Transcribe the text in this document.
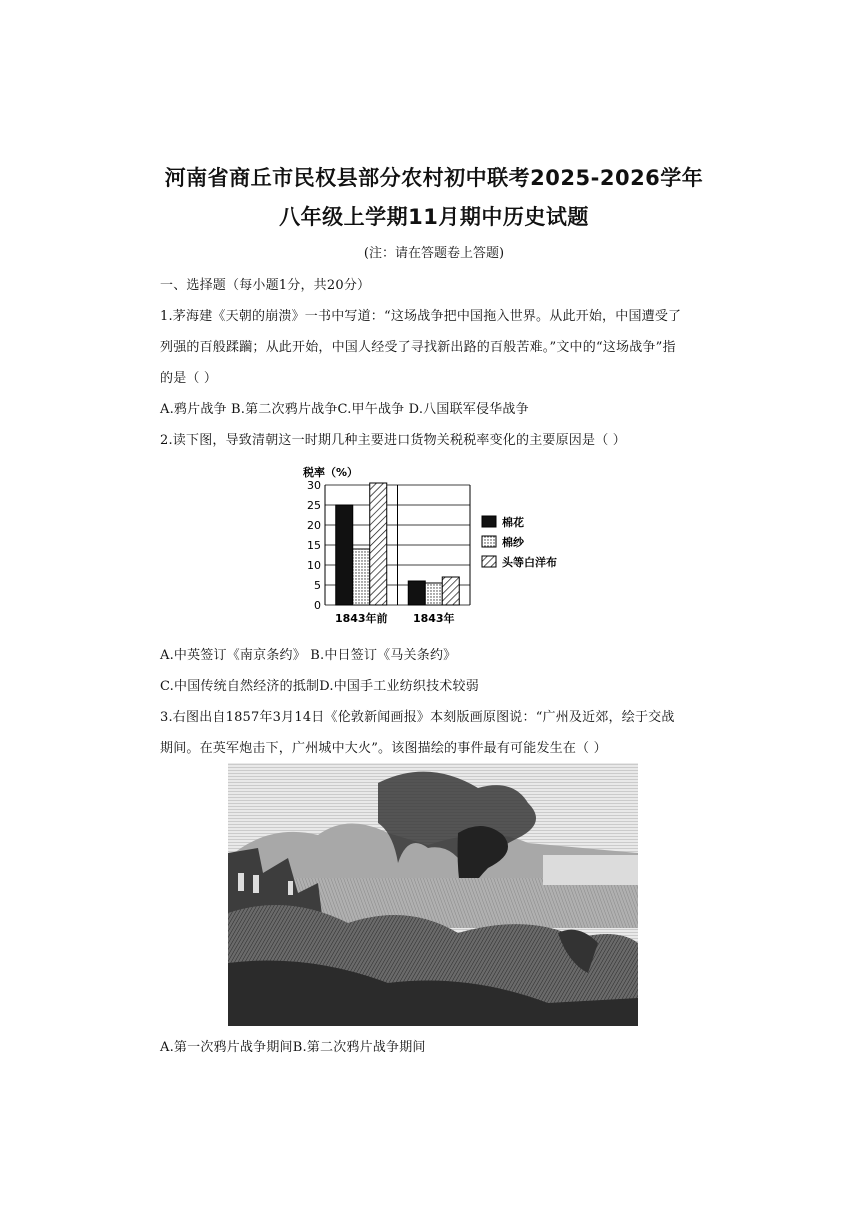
河南省商丘市民权县部分农村初中联考2025-2026学年
八年级上学期11月期中历史试题
(注：请在答题卷上答题)
一、选择题（每小题1分，共20分）
1.茅海建《天朝的崩溃》一书中写道：“这场战争把中国拖入世界。从此开始，中国遭受了
列强的百般蹂躏；从此开始，中国人经受了寻找新出路的百般苦难。”文中的“这场战争”指
的是（ ）
A.鸦片战争 B.第二次鸦片战争C.甲午战争 D.八国联军侵华战争
2.读下图，导致清朝这一时期几种主要进口货物关税税率变化的主要原因是（ ）
税率（%）
0
5
10
15
20
25
30
1843年前 1843年
棉花
棉纱
头等白洋布
A.中英签订《南京条约》 B.中日签订《马关条约》
C.中国传统自然经济的抵制D.中国手工业纺织技术较弱
3.右图出自1857年3月14日《伦敦新闻画报》本刻版画原图说：“广州及近郊，绘于交战
期间。在英军炮击下，广州城中大火”。该图描绘的事件最有可能发生在（ ）
A.第一次鸦片战争期间B.第二次鸦片战争期间
